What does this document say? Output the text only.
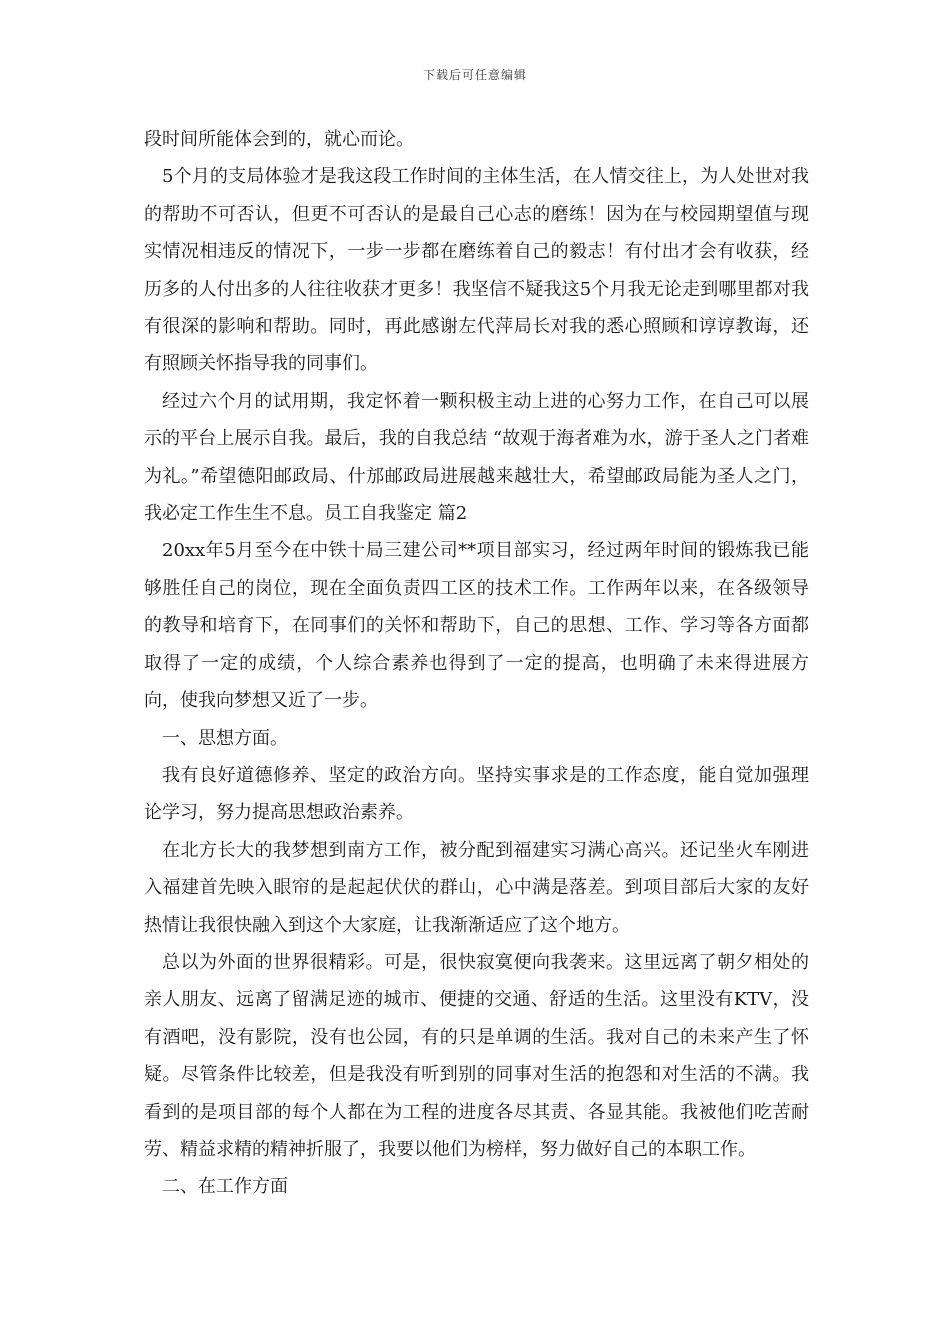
下载后可任意编辑

段时间所能体会到的，就心而论。

5个月的支局体验才是我这段工作时间的主体生活，在人情交往上，为人处世对我的帮助不可否认，但更不可否认的是最自己心志的磨练！因为在与校园期望值与现实情况相违反的情况下，一步一步都在磨练着自己的毅志！有付出才会有收获，经历多的人付出多的人往往收获才更多！我坚信不疑我这5个月我无论走到哪里都对我有很深的影响和帮助。同时，再此感谢左代萍局长对我的悉心照顾和谆谆教诲，还有照顾关怀指导我的同事们。

经过六个月的试用期，我定怀着一颗积极主动上进的心努力工作，在自己可以展示的平台上展示自我。最后，我的自我总结 “故观于海者难为水，游于圣人之门者难为礼。”希望德阳邮政局、什邡邮政局进展越来越壮大，希望邮政局能为圣人之门，我必定工作生生不息。员工自我鉴定 篇2

20xx年5月至今在中铁十局三建公司**项目部实习，经过两年时间的锻炼我已能够胜任自己的岗位，现在全面负责四工区的技术工作。工作两年以来，在各级领导的教导和培育下，在同事们的关怀和帮助下，自己的思想、工作、学习等各方面都取得了一定的成绩，个人综合素养也得到了一定的提高，也明确了未来得进展方向，使我向梦想又近了一步。

一、思想方面。

我有良好道德修养、坚定的政治方向。坚持实事求是的工作态度，能自觉加强理论学习，努力提高思想政治素养。

在北方长大的我梦想到南方工作，被分配到福建实习满心高兴。还记坐火车刚进入福建首先映入眼帘的是起起伏伏的群山，心中满是落差。到项目部后大家的友好热情让我很快融入到这个大家庭，让我渐渐适应了这个地方。

总以为外面的世界很精彩。可是，很快寂寞便向我袭来。这里远离了朝夕相处的亲人朋友、远离了留满足迹的城市、便捷的交通、舒适的生活。这里没有KTV，没有酒吧，没有影院，没有也公园，有的只是单调的生活。我对自己的未来产生了怀疑。尽管条件比较差，但是我没有听到别的同事对生活的抱怨和对生活的不满。我看到的是项目部的每个人都在为工程的进度各尽其责、各显其能。我被他们吃苦耐劳、精益求精的精神折服了，我要以他们为榜样，努力做好自己的本职工作。

二、在工作方面
